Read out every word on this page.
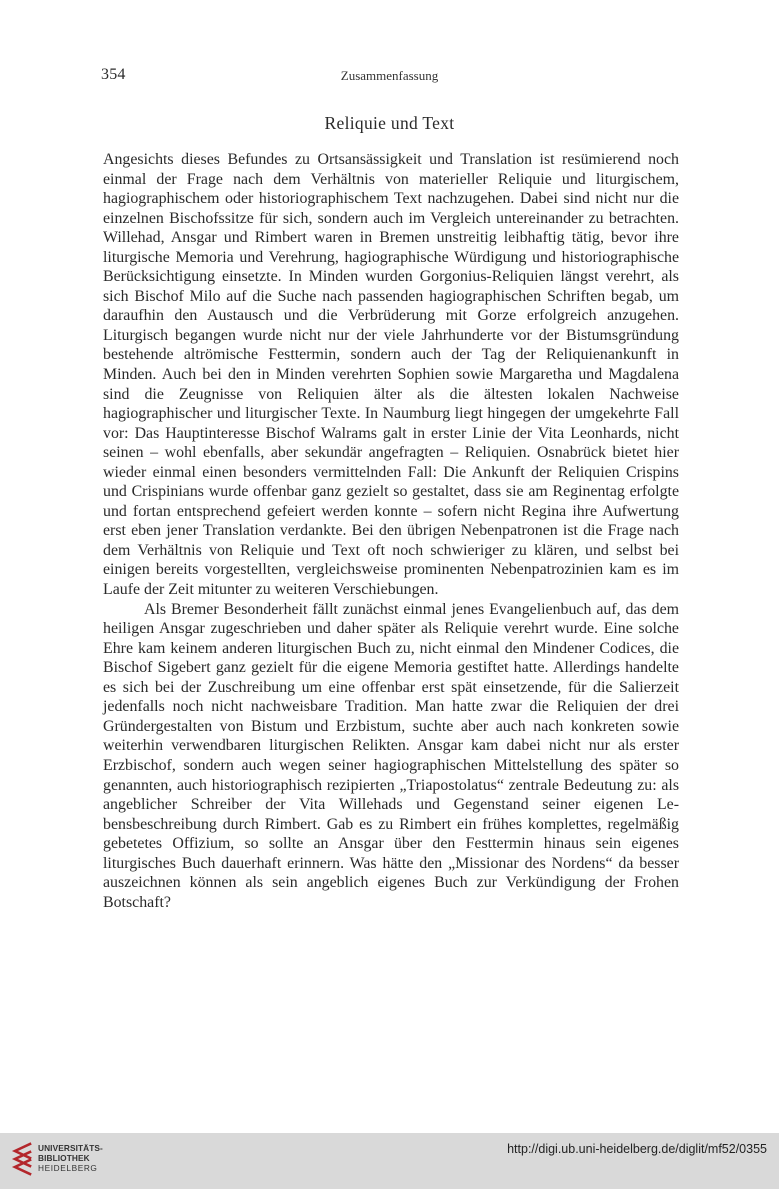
354	Zusammenfassung
Reliquie und Text

Angesichts dieses Befundes zu Ortsansässigkeit und Translation ist resümierend noch einmal der Frage nach dem Verhältnis von materieller Reliquie und liturgischem, hagiographischem oder historiographischem Text nachzugehen. Dabei sind nicht nur die einzelnen Bischofssitze für sich, sondern auch im Vergleich untereinander zu betrachten. Willehad, Ansgar und Rimbert waren in Bremen unstreitig leibhaftig tätig, bevor ihre liturgische Memoria und Verehrung, hagiographische Würdigung und historiographische Berücksichtigung einsetzte. In Minden wurden Gorgonius-Reliquien längst verehrt, als sich Bischof Milo auf die Suche nach passenden hagiographischen Schriften begab, um daraufhin den Austausch und die Verbrüderung mit Gorze erfolgreich anzugehen. Liturgisch begangen wurde nicht nur der viele Jahrhunderte vor der Bistumsgründung bestehende altrömische Festtermin, sondern auch der Tag der Reliquienankunft in Minden. Auch bei den in Minden verehrten Sophien sowie Margaretha und Magdalena sind die Zeugnisse von Reliquien älter als die ältesten lokalen Nachweise hagiographischer und liturgischer Texte. In Naumburg liegt hingegen der umgekehrte Fall vor: Das Hauptinteresse Bischof Walrams galt in erster Linie der Vita Leonhards, nicht seinen – wohl ebenfalls, aber sekundär angefragten – Reliquien. Osnabrück bietet hier wieder einmal einen besonders vermittelnden Fall: Die Ankunft der Reliquien Crispins und Crispinians wurde offenbar ganz gezielt so gestaltet, dass sie am Reginentag erfolgte und fortan entsprechend gefeiert werden konnte – sofern nicht Regina ihre Aufwertung erst eben jener Translation verdankte. Bei den übrigen Nebenpatronen ist die Frage nach dem Verhältnis von Reliquie und Text oft noch schwieriger zu klären, und selbst bei einigen bereits vorgestellten, vergleichsweise prominenten Nebenpatrozinien kam es im Laufe der Zeit mitunter zu weiteren Verschiebungen.

Als Bremer Besonderheit fällt zunächst einmal jenes Evangelienbuch auf, das dem heiligen Ansgar zugeschrieben und daher später als Reliquie verehrt wurde. Eine solche Ehre kam keinem anderen liturgischen Buch zu, nicht einmal den Mindener Codices, die Bischof Sigebert ganz gezielt für die eigene Memoria gestiftet hatte. Allerdings handelte es sich bei der Zuschreibung um eine offenbar erst spät einsetzende, für die Salierzeit jedenfalls noch nicht nachweisbare Tradition. Man hatte zwar die Reliquien der drei Gründergestalten von Bistum und Erzbistum, suchte aber auch nach konkreten sowie weiterhin verwendbaren liturgischen Relikten. Ansgar kam dabei nicht nur als erster Erzbischof, sondern auch wegen seiner hagiographischen Mittelstellung des später so genannten, auch historiographisch rezipierten „Triapostolatus“ zentrale Bedeutung zu: als angeblicher Schreiber der Vita Willehads und Gegenstand seiner eigenen Lebensbeschreibung durch Rimbert. Gab es zu Rimbert ein frühes komplettes, regelmäßig gebetetes Offizium, so sollte an Ansgar über den Festtermin hinaus sein eigenes liturgisches Buch dauerhaft erinnern. Was hätte den „Missionar des Nordens“ da besser auszeichnen können als sein angeblich eigenes Buch zur Verkündigung der Frohen Botschaft?

UNIVERSITÄTS-
BIBLIOTHEK
HEIDELBERG
http://digi.ub.uni-heidelberg.de/diglit/mf52/0355
